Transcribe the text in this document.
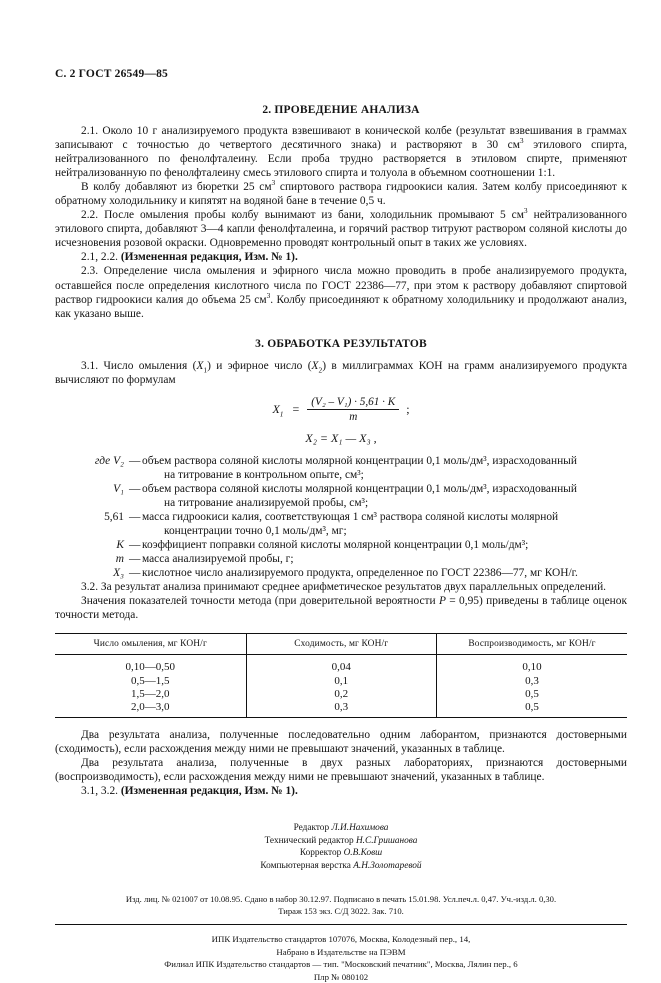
С. 2 ГОСТ 26549—85
2. ПРОВЕДЕНИЕ АНАЛИЗА

2.1. Около 10 г анализируемого продукта взвешивают в конической колбе (результат взвешивания в граммах записывают с точностью до четвертого десятичного знака) и растворяют в 30 $см^3$ этилового спирта, нейтрализованного по фенолфталеину. Если проба трудно растворяется в этиловом спирте, применяют нейтрализованную по фенолфталеину смесь этилового спирта и толуола в объемном соотношении 1:1.

В колбу добавляют из бюретки 25 $см^3$ спиртового раствора гидроокиси калия. Затем колбу присоединяют к обратному холодильнику и кипятят на водяной бане в течение 0,5 ч.

2.2. После омыления пробы колбу вынимают из бани, холодильник промывают 5 $см^3$ нейтрализованного этилового спирта, добавляют 3—4 капли фенолфталеина, и горячий раствор титруют раствором соляной кислоты до исчезновения розовой окраски. Одновременно проводят контрольный опыт в таких же условиях.

2.1, 2.2. (Измененная редакция, Изм. № 1).

2.3. Определение числа омыления и эфирного числа можно проводить в пробе анализируемого продукта, оставшейся после определения кислотного числа по ГОСТ 22386—77, при этом к раствору добавляют спиртовой раствор гидроокиси калия до объема 25 $см^3$. Колбу присоединяют к обратному холодильнику и продолжают анализ, как указано выше.

3. ОБРАБОТКА РЕЗУЛЬТАТОВ

3.1. Число омыления $(X_1)$ и эфирное число $(X_2)$ в миллиграммах КОН на грамм анализируемого продукта вычисляют по формулам

$X_1 = \frac{\text{(V₂ – V₁) · 5,61 · K}}{m}$ ;
X₂ = X₁ — X₃ ,
где V₂ — объем раствора соляной кислоты молярной концентрации 0,1 моль/дм³, израсходованный
на титрование в контрольном опыте, см³;
V₁ — объем раствора соляной кислоты молярной концентрации 0,1 моль/дм³, израсходованный
на титрование анализируемой пробы, см³;
5,61 — масса гидроокиси калия, соответствующая 1 см³ раствора соляной кислоты молярной
концентрации точно 0,1 моль/дм³, мг;
K — коэффициент поправки соляной кислоты молярной концентрации 0,1 моль/дм³;
m — масса анализируемой пробы, г;
X₃ — кислотное число анализируемого продукта, определенное по ГОСТ 22386—77, мг КОН/г.

3.2. За результат анализа принимают среднее арифметическое результатов двух параллельных определений.

Значения показателей точности метода (при доверительной вероятности P = 0,95) приведены в таблице оценок точности метода.

Число омыления, мг КОН/г	Сходимость, мг КОН/г	Воспроизводимость, мг КОН/г
0,10—0,50	0,04	0,10
0,5—1,5	0,1	0,3
1,5—2,0	0,2	0,5
2,0—3,0	0,3	0,5

Два результата анализа, полученные последовательно одним лаборантом, признаются достоверными (сходимость), если расхождения между ними не превышают значений, указанных в таблице.

Два результата анализа, полученные в двух разных лабораториях, признаются достоверными (воспроизводимость), если расхождения между ними не превышают значений, указанных в таблице.

3.1, 3.2. (Измененная редакция, Изм. № 1).

Редактор Л.И.Нахимова
Технический редактор Н.С.Гришанова
Корректор О.В.Ковш
Компьютерная верстка А.Н.Золотаревой
Изд. лиц. № 021007 от 10.08.95. Сдано в набор 30.12.97. Подписано в печать 15.01.98. Усл.печ.л. 0,47. Уч.-изд.л. 0,30.
Тираж 153 экз. С/Д 3022. Зак. 710.
ИПК Издательство стандартов 107076, Москва, Колодезный пер., 14,
Набрано в Издательстве на ПЭВМ
Филиал ИПК Издательство стандартов — тип. "Московский печатник", Москва, Лялин пер., 6
Плр № 080102
